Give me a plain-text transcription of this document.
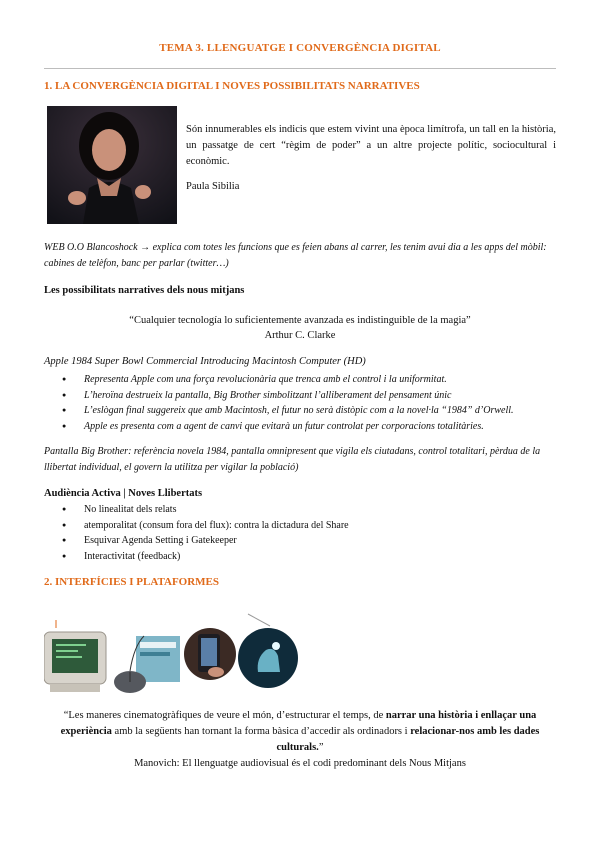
TEMA 3. LLENGUATGE I CONVERGÈNCIA DIGITAL
1. LA CONVERGÈNCIA DIGITAL I NOVES POSSIBILITATS NARRATIVES
Són innumerables els indicis que estem vivint una època limítrofa, un tall en la història, un passatge de cert “règim de poder” a un altre projecte polític, sociocultural i econòmic.
Paula Sibilia
WEB O.O Blancoshock → explica com totes les funcions que es feien abans al carrer, les tenim avui dia a les apps del mòbil: cabines de telèfon, banc per parlar (twitter…)
Les possibilitats narratives dels nous mitjans
“Cualquier tecnología lo suficientemente avanzada es indistinguible de la magia”
Arthur C. Clarke
Apple 1984 Super Bowl Commercial Introducing Macintosh Computer (HD)
● Representa Apple com una força revolucionària que trenca amb el control i la uniformitat.
● L’heroïna destrueix la pantalla, Big Brother simbolitzant l’alliberament del pensament únic
● L’eslògan final suggereix que amb Macintosh, el futur no serà distòpic com a la novel·la “1984” d’Orwell.
● Apple es presenta com a agent de canvi que evitarà un futur controlat per corporacions totalitàries.
Pantalla Big Brother: referència novela 1984, pantalla omnipresent que vigila els ciutadans, control totalitari, pèrdua de la llibertat individual, el govern la utilitza per vigilar la població)
Audiència Activa | Noves Llibertats
● No linealitat dels relats
● atemporalitat (consum fora del flux): contra la dictadura del Share
● Esquivar Agenda Setting i Gatekeeper
● Interactivitat (feedback)
2. INTERFÍCIES I PLATAFORMES
“Les maneres cinematogràfiques de veure el món, d’estructurar el temps, de narrar una història i enllaçar una experiència amb la següents han tornant la forma bàsica d’accedir als ordinadors i relacionar-nos amb les dades culturals.”
Manovich: El llenguatge audiovisual és el codi predominant dels Nous Mitjans
